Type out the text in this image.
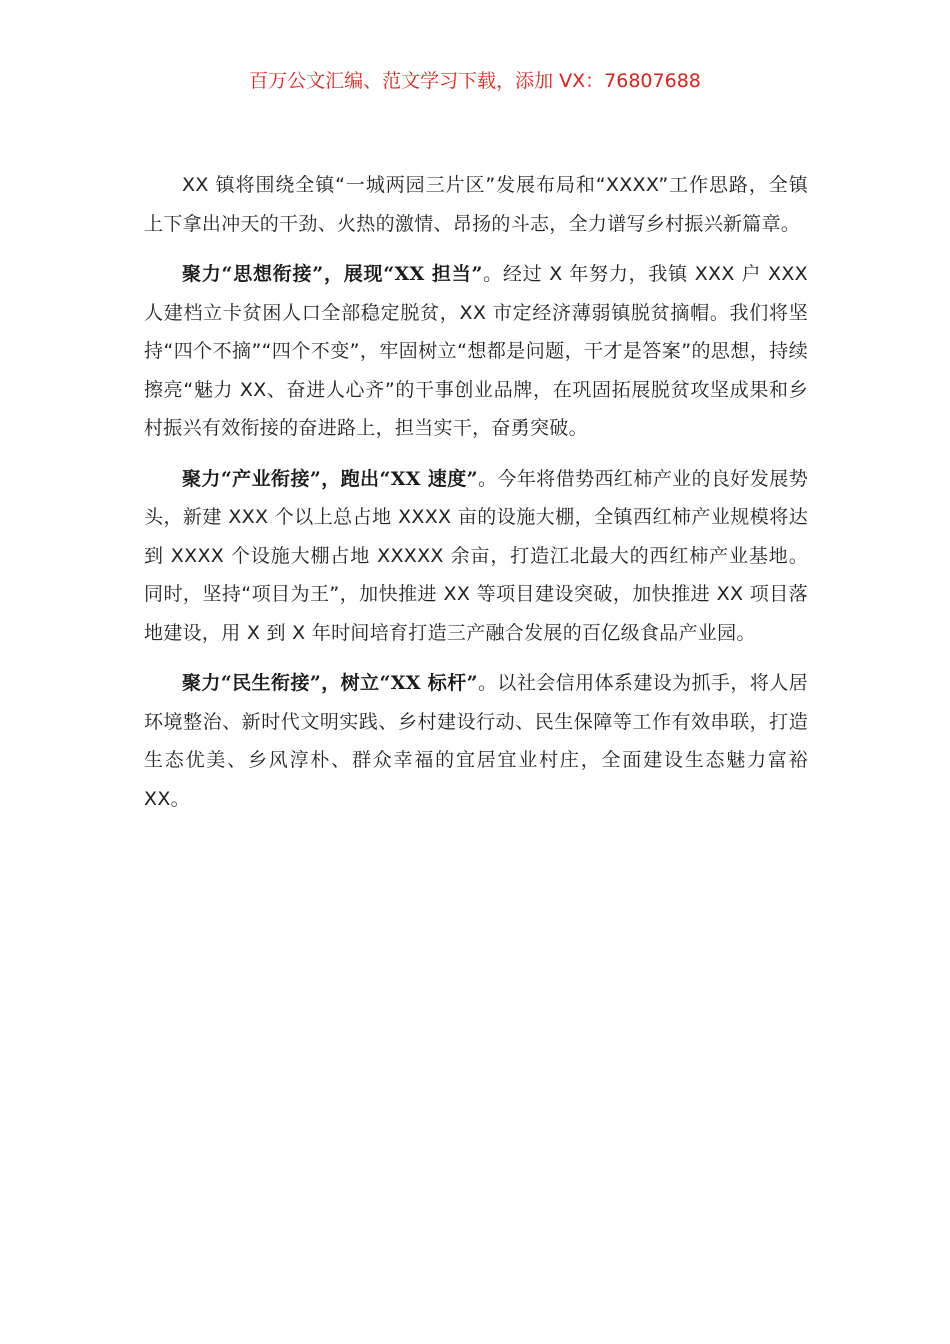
百万公文汇编、范文学习下载，添加 VX：76807688

XX 镇将围绕全镇“一城两园三片区”发展布局和“XXXX”工作思路，全镇上下拿出冲天的干劲、火热的激情、昂扬的斗志，全力谱写乡村振兴新篇章。

聚力“思想衔接”，展现“XX 担当”。经过 X 年努力，我镇 XXX 户 XXX 人建档立卡贫困人口全部稳定脱贫，XX 市定经济薄弱镇脱贫摘帽。我们将坚持“四个不摘”“四个不变”，牢固树立“想都是问题，干才是答案”的思想，持续擦亮“魅力 XX、奋进人心齐”的干事创业品牌，在巩固拓展脱贫攻坚成果和乡村振兴有效衔接的奋进路上，担当实干，奋勇突破。

聚力“产业衔接”，跑出“XX 速度”。今年将借势西红柿产业的良好发展势头，新建 XXX 个以上总占地 XXXX 亩的设施大棚，全镇西红柿产业规模将达到 XXXX 个设施大棚占地 XXXXX 余亩，打造江北最大的西红柿产业基地。同时，坚持“项目为王”，加快推进 XX 等项目建设突破，加快推进 XX 项目落地建设，用 X 到 X 年时间培育打造三产融合发展的百亿级食品产业园。

聚力“民生衔接”，树立“XX 标杆”。以社会信用体系建设为抓手，将人居环境整治、新时代文明实践、乡村建设行动、民生保障等工作有效串联，打造生态优美、乡风淳朴、群众幸福的宜居宜业村庄，全面建设生态魅力富裕 XX。
